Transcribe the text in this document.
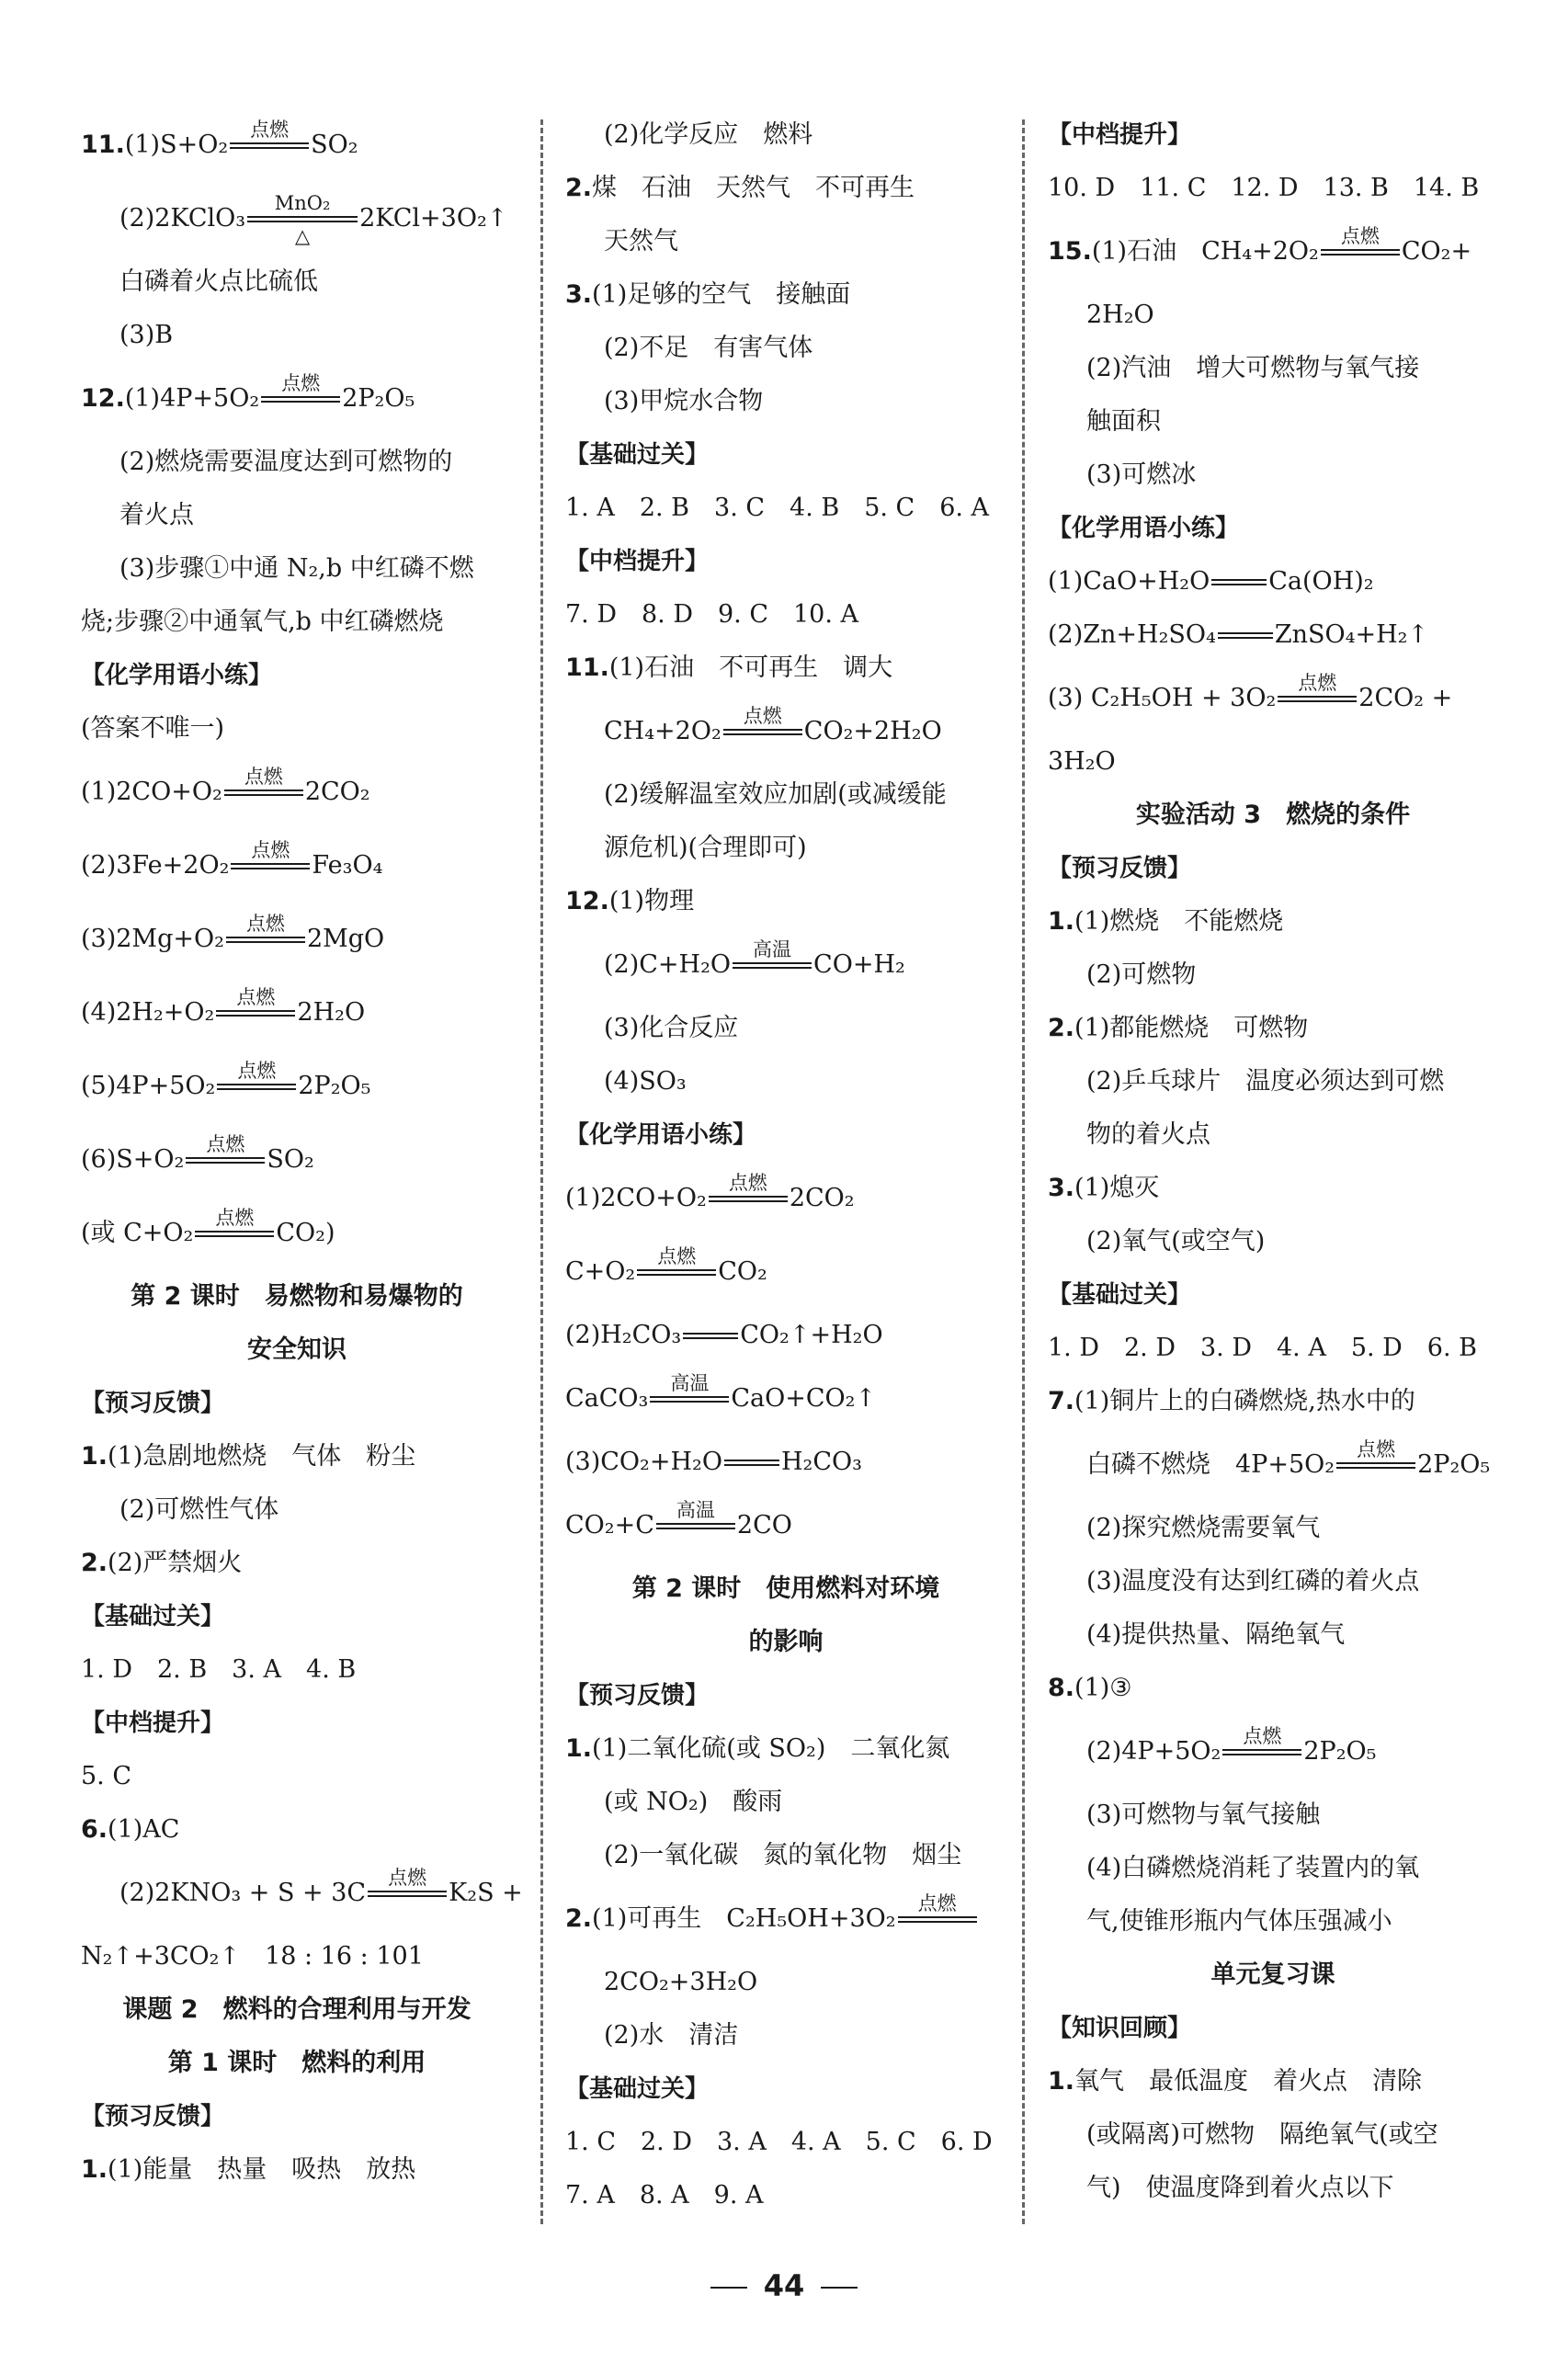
11.(1)S+O₂
点燃
SO₂
(2)2KClO₃
MnO₂
△
2KCl+3O₂↑
白磷着火点比硫低
(3)B
12.(1)4P+5O₂
点燃
2P₂O₅
(2)燃烧需要温度达到可燃物的
着火点
(3)步骤①中通 N₂,b 中红磷不燃
烧;步骤②中通氧气,b 中红磷燃烧
【化学用语小练】
(答案不唯一)
(1)2CO+O₂
点燃
2CO₂
(2)3Fe+2O₂
点燃
Fe₃O₄
(3)2Mg+O₂
点燃
2MgO
(4)2H₂+O₂
点燃
2H₂O
(5)4P+5O₂
点燃
2P₂O₅
(6)S+O₂
点燃
SO₂
(或 C+O₂
点燃
CO₂)
第 2 课时　易燃物和易爆物的
安全知识
【预习反馈】
1.(1)急剧地燃烧　气体　粉尘
(2)可燃性气体
2.(2)严禁烟火
【基础过关】
1. D　2. B　3. A　4. B
【中档提升】
5. C
6.(1)AC
(2)2KNO₃ + S + 3C
点燃
K₂S +
N₂↑+3CO₂↑　18 : 16 : 101
课题 2　燃料的合理利用与开发
第 1 课时　燃料的利用
【预习反馈】
1.(1)能量　热量　吸热　放热
(2)化学反应　燃料
2.煤　石油　天然气　不可再生
天然气
3.(1)足够的空气　接触面
(2)不足　有害气体
(3)甲烷水合物
【基础过关】
1. A　2. B　3. C　4. B　5. C　6. A
【中档提升】
7. D　8. D　9. C　10. A
11.(1)石油　不可再生　调大
CH₄+2O₂
点燃
CO₂+2H₂O
(2)缓解温室效应加剧(或减缓能
源危机)(合理即可)
12.(1)物理
(2)C+H₂O
高温
CO+H₂
(3)化合反应
(4)SO₃
【化学用语小练】
(1)2CO+O₂
点燃
2CO₂
C+O₂
点燃
CO₂
(2)H₂CO₃ CO₂↑+H₂O
CaCO₃
高温
CaO+CO₂↑
(3)CO₂+H₂O H₂CO₃
CO₂+C
高温
2CO
第 2 课时　使用燃料对环境
的影响
【预习反馈】
1.(1)二氧化硫(或 SO₂)　二氧化氮
(或 NO₂)　酸雨
(2)一氧化碳　氮的氧化物　烟尘
2.(1)可再生　C₂H₅OH+3O₂
点燃
2CO₂+3H₂O
(2)水　清洁
【基础过关】
1. C　2. D　3. A　4. A　5. C　6. D
7. A　8. A　9. A
【中档提升】
10. D　11. C　12. D　13. B　14. B
15.(1)石油　CH₄+2O₂
点燃
CO₂+
2H₂O
(2)汽油　增大可燃物与氧气接
触面积
(3)可燃冰
【化学用语小练】
(1)CaO+H₂O Ca(OH)₂
(2)Zn+H₂SO₄ ZnSO₄+H₂↑
(3) C₂H₅OH + 3O₂
点燃
2CO₂ +
3H₂O
实验活动 3　燃烧的条件
【预习反馈】
1.(1)燃烧　不能燃烧
(2)可燃物
2.(1)都能燃烧　可燃物
(2)乒乓球片　温度必须达到可燃
物的着火点
3.(1)熄灭
(2)氧气(或空气)
【基础过关】
1. D　2. D　3. D　4. A　5. D　6. B
7.(1)铜片上的白磷燃烧,热水中的
白磷不燃烧　4P+5O₂
点燃
2P₂O₅
(2)探究燃烧需要氧气
(3)温度没有达到红磷的着火点
(4)提供热量、隔绝氧气
8.(1)③
(2)4P+5O₂
点燃
2P₂O₅
(3)可燃物与氧气接触
(4)白磷燃烧消耗了装置内的氧
气,使锥形瓶内气体压强减小
单元复习课
【知识回顾】
1.氧气　最低温度　着火点　清除
(或隔离)可燃物　隔绝氧气(或空
气)　使温度降到着火点以下
44
